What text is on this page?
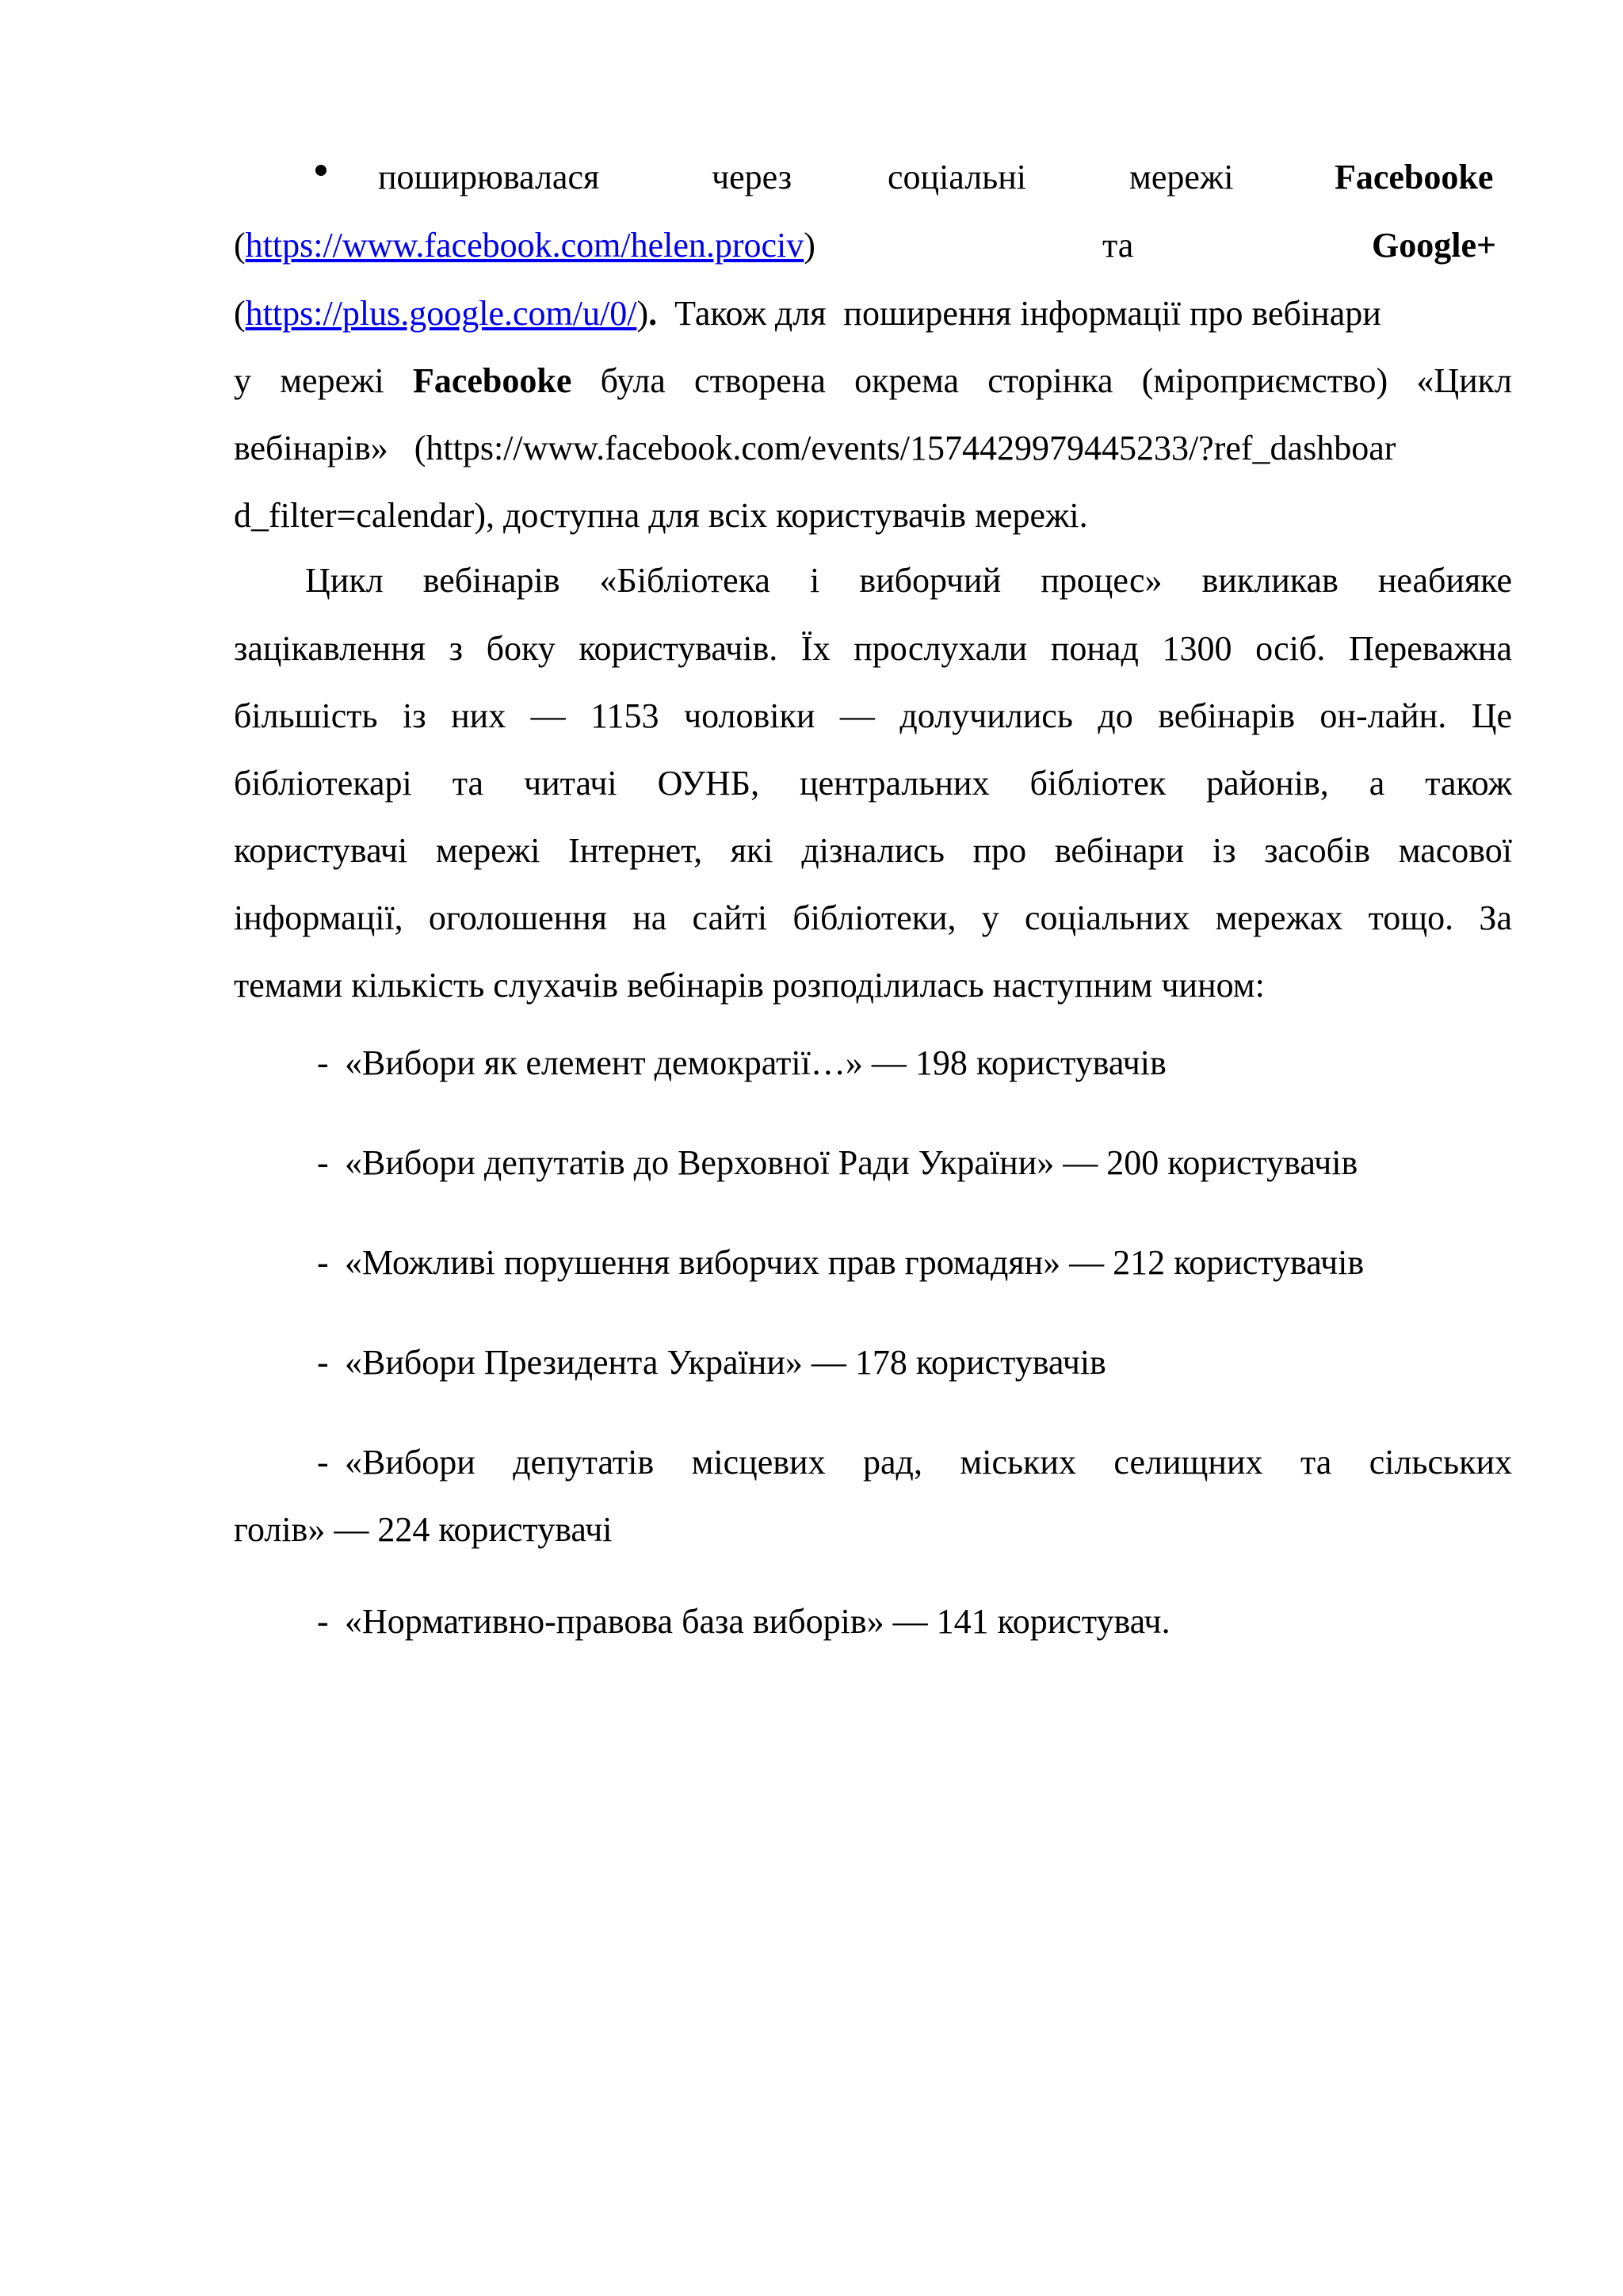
поширювалася	через	соціальні	мережі	Facebooke
(https://www.facebook.com/helen.prociv)	та	Google+
(https://plus.google.com/u/0/).  Також для  поширення інформації про вебінари
у мережі Facebooke була створена окрема сторінка (міроприємство) «Цикл
вебінарів»   (https://www.facebook.com/events/1574429979445233/?ref_dashboar
d_filter=calendar), доступна для всіх користувачів мережі.
Цикл вебінарів «Бібліотека і виборчий процес» викликав неабияке
зацікавлення з боку користувачів. Їх прослухали понад 1300 осіб. Переважна
більшість із них — 1153 чоловіки — долучились до вебінарів он-лайн. Це
бібліотекарі та читачі ОУНБ, центральних бібліотек районів, а також
користувачі мережі Інтернет, які дізнались про вебінари із засобів масової
інформації, оголошення на сайті бібліотеки, у соціальних мережах тощо. За
темами кількість слухачів вебінарів розподілилась наступним чином:
- «Вибори як елемент демократії…» — 198 користувачів
- «Вибори депутатів до Верховної Ради України» — 200 користувачів
- «Можливі порушення виборчих прав громадян» — 212 користувачів
- «Вибори Президента України» — 178 користувачів
- «Вибори депутатів місцевих рад, міських селищних та сільських
голів» — 224 користувачі
- «Нормативно-правова база виборів» — 141 користувач.
